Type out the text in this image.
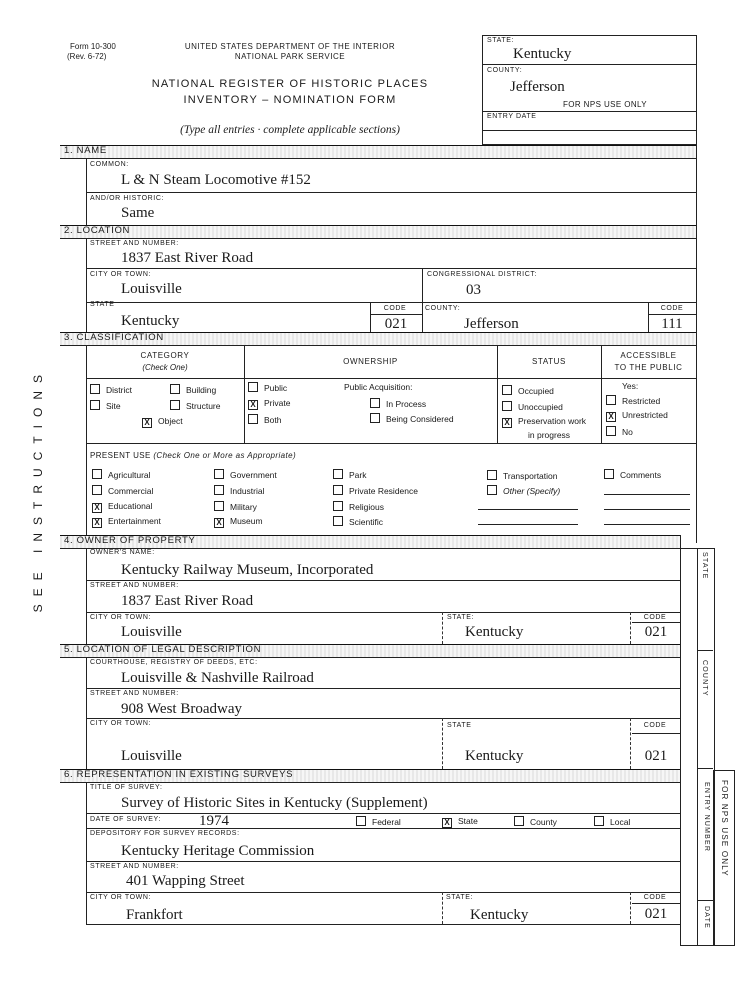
Form 10-300
(Rev. 6-72)
UNITED STATES DEPARTMENT OF THE INTERIOR
NATIONAL PARK SERVICE
NATIONAL REGISTER OF HISTORIC PLACES
INVENTORY – NOMINATION FORM
(Type all entries · complete applicable sections)
STATE:
Kentucky
COUNTY:
Jefferson
FOR NPS USE ONLY
ENTRY DATE
SEE INSTRUCTIONS
1. NAME
COMMON:
L & N Steam Locomotive #152
AND/OR HISTORIC:
Same
2. LOCATION
STREET AND NUMBER:
1837 East River Road
CITY OR TOWN:
Louisville
CONGRESSIONAL DISTRICT:
03
STATE
Kentucky
CODE
021
COUNTY:
Jefferson
CODE
111
3. CLASSIFICATION
CATEGORY
(Check One)
OWNERSHIP	STATUS
ACCESSIBLE
TO THE PUBLIC
District	Building
Site	Structure
X Object
Public
X Private
Both
Public Acquisition:
In Process
Being Considered
Occupied
Unoccupied
X Preservation work
in progress
Yes:
Restricted
X Unrestricted
No
PRESENT USE (Check One or More as Appropriate)
Agricultural
Commercial
X Educational
X Entertainment
Government
Industrial
Military
X Museum
Park
Private Residence
Religious
Scientific
Transportation
Other (Specify)
Comments
4. OWNER OF PROPERTY
OWNER'S NAME:
Kentucky Railway Museum, Incorporated
STREET AND NUMBER:
1837 East River Road
CITY OR TOWN:
Louisville
STATE:
Kentucky
CODE
021
5. LOCATION OF LEGAL DESCRIPTION
COURTHOUSE, REGISTRY OF DEEDS, ETC:
Louisville & Nashville Railroad
STREET AND NUMBER:
908 West Broadway
CITY OR TOWN:
Louisville
STATE
Kentucky
CODE
021
6. REPRESENTATION IN EXISTING SURVEYS
TITLE OF SURVEY:
Survey of Historic Sites in Kentucky (Supplement)
DATE OF SURVEY:	1974	Federal	X State	County	Local
DEPOSITORY FOR SURVEY RECORDS:
Kentucky Heritage Commission
STREET AND NUMBER:
401 Wapping Street
CITY OR TOWN:
Frankfort
STATE:
Kentucky
CODE
021
STATE
COUNTY
ENTRY NUMBER
DATE
FOR NPS USE ONLY
